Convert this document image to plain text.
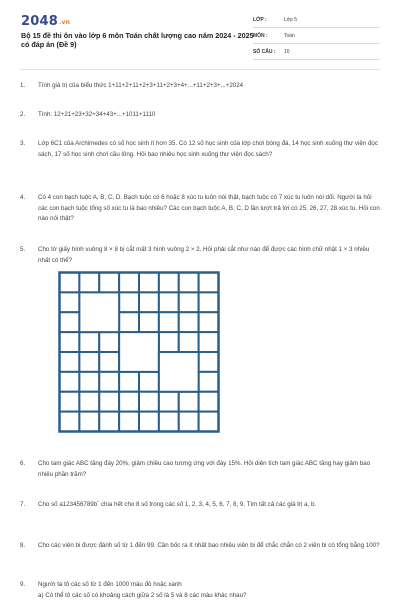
2048.vn
Bộ 15 đề thi ôn vào lớp 6 môn Toán chất lượng cao năm 2024 - 2025 có đáp án (Đề 9)
LỚP :	Lớp 5
MÔN :	Toán
SỐ CÂU : 10
1.	Tính giá trị của biểu thức 1+11+2+11+2+3+11+2+3+4+...+11+2+3+...+2024
2.	Tính: 12+21+23+32+34+43+...+1011+1110
3.	Lớp 6C1 của Archimedes có số học sinh ít hơn 35. Có 12 số học sinh của lớp chơi bóng đá, 14 học sinh xuống thư viện đọc sách, 17 số học sinh chơi cầu lông. Hỏi bao nhiêu học sinh xuống thư viện đọc sách?
4.	Có 4 con bạch tuộc A, B, C, D. Bạch tuộc có 6 hoặc 8 xúc tu luôn nói thật, bạch tuộc có 7 xúc tu luôn nói dối. Người ta hỏi các con bạch tuộc tổng số xúc tu là bao nhiêu? Các con bạch tuộc A, B, C, D lần lượt trả lời có 25, 26, 27, 28 xúc tu. Hỏi con nào nói thật?
5.	Cho tờ giấy hình vuông 8 × 8 bị cắt mất 3 hình vuông 2 × 2. Hỏi phải cắt như nào để được các hình chữ nhật 1 × 3 nhiều nhất có thể?
6.	Cho tam giác ABC tăng đáy 20%, giảm chiều cao tương ứng với đáy 15%. Hỏi diện tích tam giác ABC tăng hay giảm bao nhiêu phần trăm?
7.	Cho số a123456789b‾ chia hết cho 8 số trong các số 1, 2, 3, 4, 5, 6, 7, 8, 9. Tìm tất cả các giá trị a, b.
8.	Cho các viên bi được đánh số từ 1 đến 99. Cần bốc ra ít nhất bao nhiêu viên bi để chắc chắn có 2 viên bi có tổng bằng 100?
9.	Người ta tô các số từ 1 đến 1000 màu đỏ hoặc xanh
a) Có thể tô các số có khoảng cách giữa 2 số là 5 và 8 các màu khác nhau?
